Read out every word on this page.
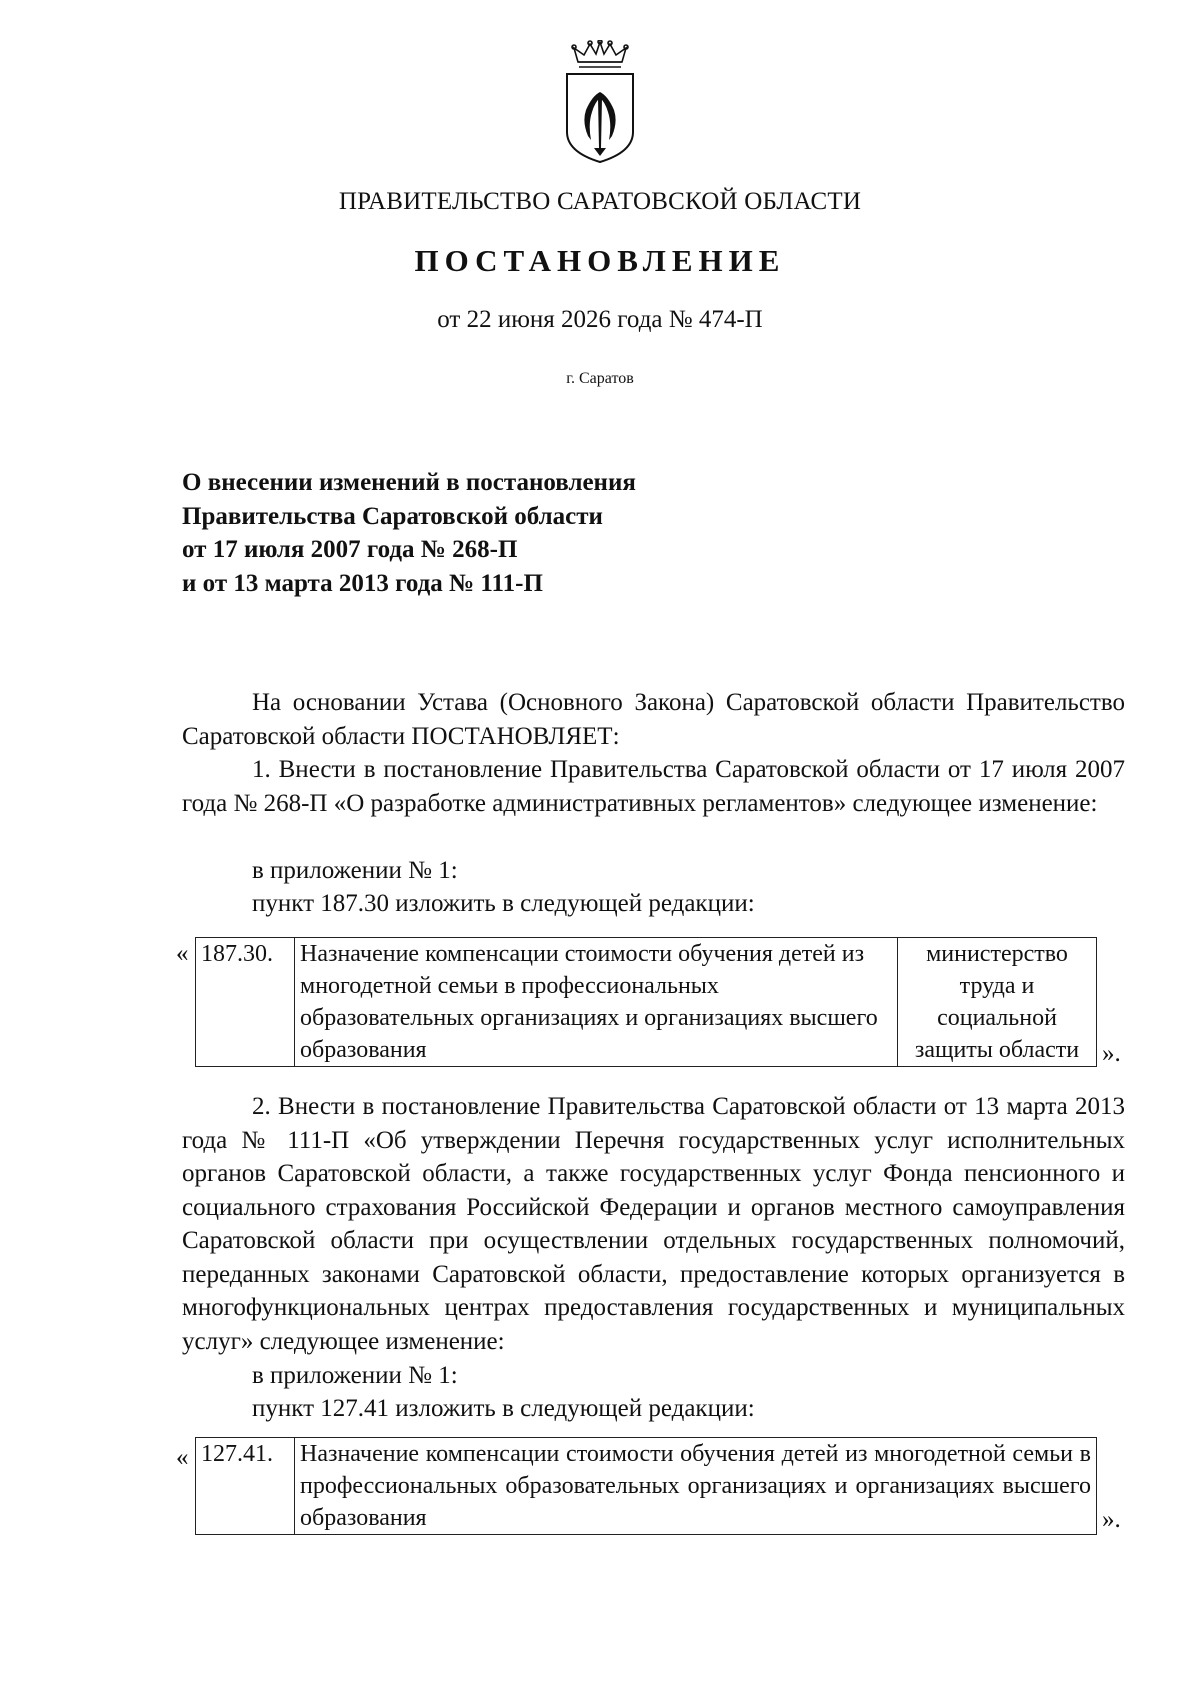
ПРАВИТЕЛЬСТВО САРАТОВСКОЙ ОБЛАСТИ
ПОСТАНОВЛЕНИЕ
от 22 июня 2026 года № 474-П
г. Саратов
О внесении изменений в постановления
Правительства Саратовской области
от 17 июля 2007 года № 268-П
и от 13 марта 2013 года № 111-П

На основании Устава (Основного Закона) Саратовской области Правительство Саратовской области ПОСТАНОВЛЯЕТ:

1. Внести в постановление Правительства Саратовской области от 17 июля 2007 года № 268-П «О разработке административных регламентов» следующее изменение:

в приложении № 1:

пункт 187.30 изложить в следующей редакции:

« 187.30.	Назначение компенсации стоимости обучения детей из многодетной семьи в профессиональных образовательных организациях и организациях высшего образования	министерство труда и социальной защиты области ».

2. Внести в постановление Правительства Саратовской области от 13 марта 2013 года № 111-П «Об утверждении Перечня государственных услуг исполнительных органов Саратовской области, а также государственных услуг Фонда пенсионного и социального страхования Российской Федерации и органов местного самоуправления Саратовской области при осуществлении отдельных государственных полномочий, переданных законами Саратовской области, предоставление которых организуется в многофункциональных центрах предоставления государственных и муниципальных услуг» следующее изменение:

в приложении № 1:

пункт 127.41 изложить в следующей редакции:

« 127.41.	Назначение компенсации стоимости обучения детей из многодетной семьи в профессиональных образовательных организациях и организациях высшего образования	».
